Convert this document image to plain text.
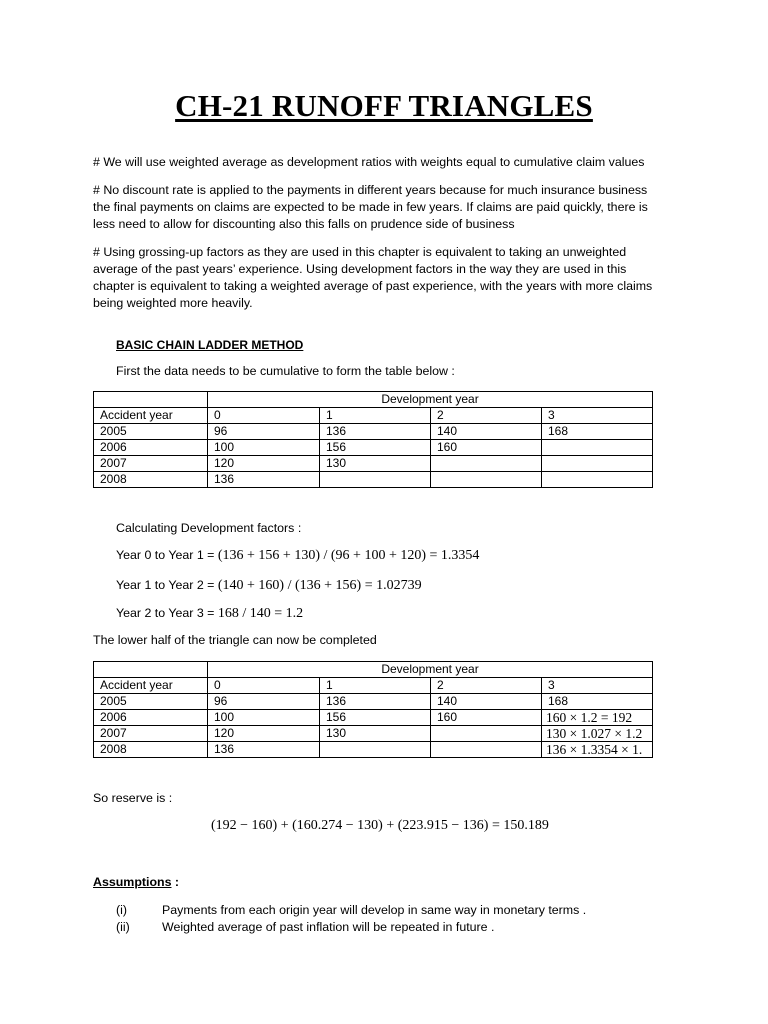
CH-21 RUNOFF TRIANGLES
# We will use weighted average as development ratios with weights equal to cumulative claim values
# No discount rate is applied to the payments in different years because for much insurance business the final payments on claims are expected to be made in few years. If claims are paid quickly, there is less need to allow for discounting also this falls on prudence side of business
# Using grossing-up factors as they are used in this chapter is equivalent to taking an unweighted average of the past years’ experience. Using development factors in the way they are used in this chapter is equivalent to taking a weighted average of past experience, with the years with more claims being weighted more heavily.
BASIC CHAIN LADDER METHOD
First the data needs to be cumulative to form the table below :
	Development year			
Accident year	0	1	2	3
2005	96	136	140	168
2006	100	156	160	
2007	120	130		
2008	136			
Calculating Development factors :
Year 0 to Year 1 = (136 + 156 + 130) / (96 + 100 + 120) = 1.3354
Year 1 to Year 2 = (140 + 160) / (136 + 156) = 1.02739
Year 2 to Year 3 = 168 / 140 = 1.2
The lower half of the triangle can now be completed
	Development year			
Accident year	0	1	2	3
2005	96	136	140	168
2006	100	156	160	160 × 1.2 = 192
2007	120	130		130 × 1.027 × 1.2
2008	136			136 × 1.3354 × 1.
So reserve is :
(192 − 160) + (160.274 − 130) + (223.915 − 136) = 150.189
Assumptions :
(i)	Payments from each origin year will develop in same way in monetary terms .
(ii)	Weighted average of past inflation will be repeated in future .
